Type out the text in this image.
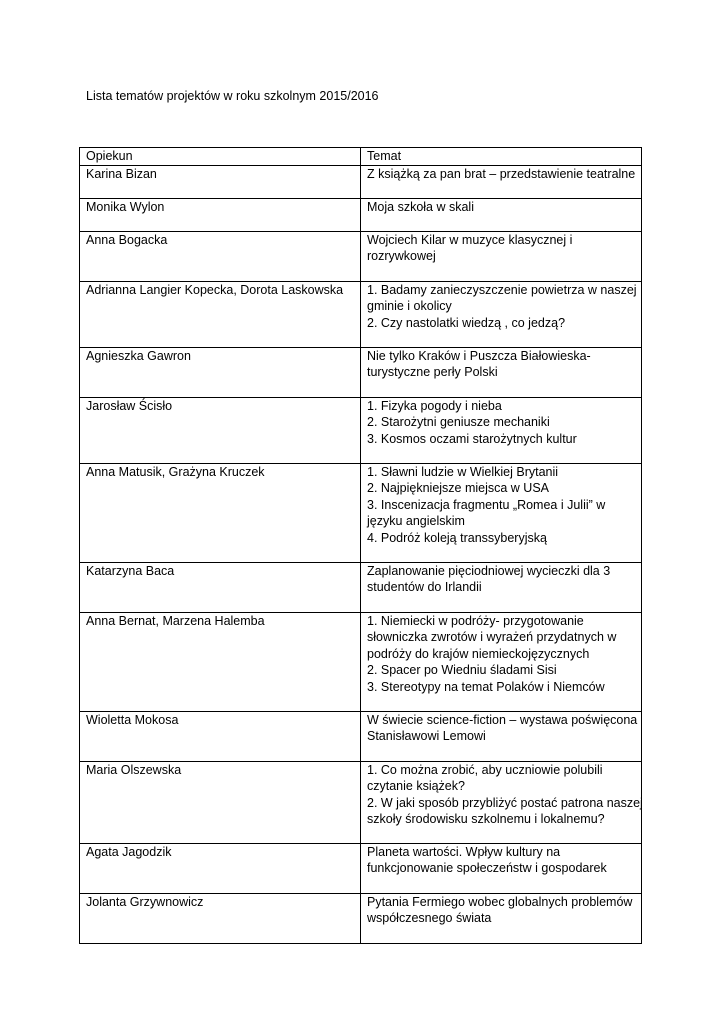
Lista tematów projektów w roku szkolnym 2015/2016
Opiekun	Temat
Karina Bizan	Z książką za pan brat – przedstawienie teatralne

Monika Wylon	Moja szkoła w skali

Anna Bogacka	Wojciech Kilar w muzyce klasycznej i
rozrywkowej

Adrianna Langier Kopecka, Dorota Laskowska	1. Badamy zanieczyszczenie powietrza w naszej
gminie i okolicy
2. Czy nastolatki wiedzą , co jedzą?

Agnieszka Gawron	Nie tylko Kraków i Puszcza Białowieska-
turystyczne perły Polski

Jarosław Ścisło	1. Fizyka pogody i nieba
2. Starożytni geniusze mechaniki
3. Kosmos oczami starożytnych kultur

Anna Matusik, Grażyna Kruczek	1. Sławni ludzie w Wielkiej Brytanii
2. Najpiękniejsze miejsca w USA
3. Inscenizacja fragmentu „Romea i Julii” w
języku angielskim
4. Podróż koleją transsyberyjską

Katarzyna Baca	Zaplanowanie pięciodniowej wycieczki dla 3
studentów do Irlandii

Anna Bernat, Marzena Halemba	1. Niemiecki w podróży- przygotowanie
słowniczka zwrotów i wyrażeń przydatnych w
podróży do krajów niemieckojęzycznych
2. Spacer po Wiedniu śladami Sisi
3. Stereotypy na temat Polaków i Niemców

Wioletta Mokosa	W świecie science-fiction – wystawa poświęcona
Stanisławowi Lemowi

Maria Olszewska	1. Co można zrobić, aby uczniowie polubili
czytanie książek?
2. W jaki sposób przybliżyć postać patrona naszej
szkoły środowisku szkolnemu i lokalnemu?

Agata Jagodzik	Planeta wartości. Wpływ kultury na
funkcjonowanie społeczeństw i gospodarek

Jolanta Grzywnowicz	Pytania Fermiego wobec globalnych problemów
współczesnego świata
